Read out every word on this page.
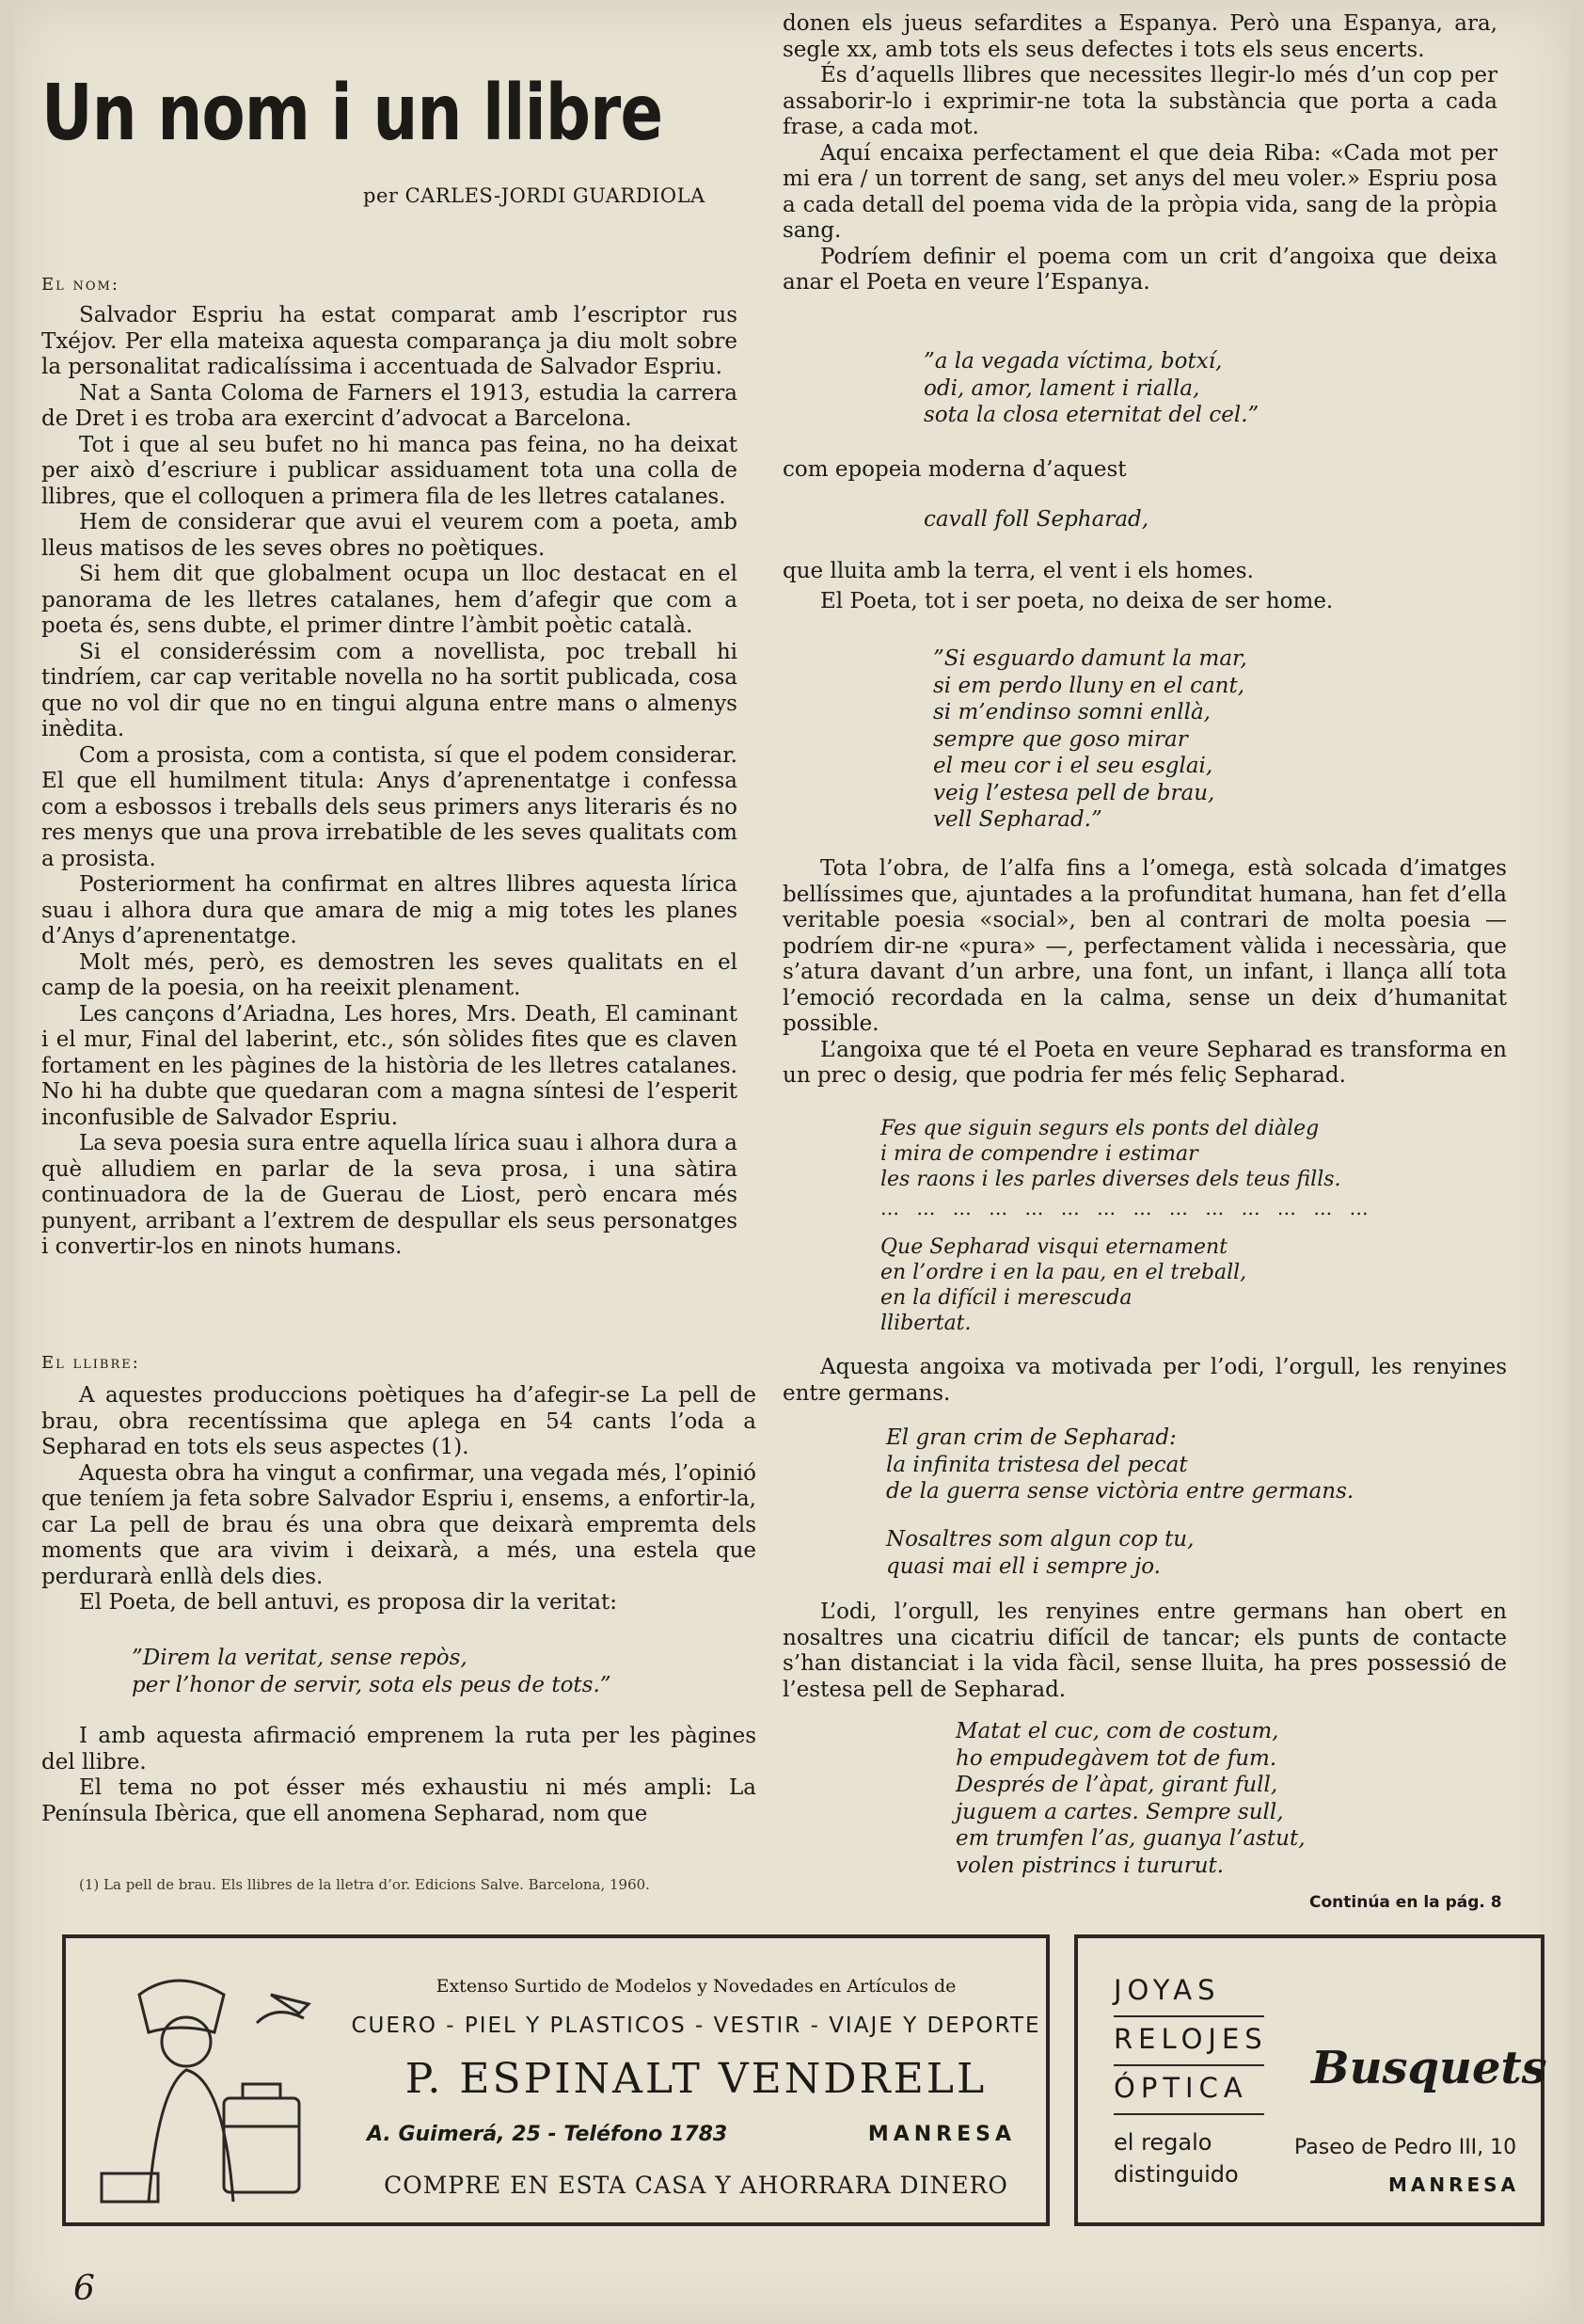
Un nom i un llibre
per CARLES-JORDI GUARDIOLA
El nom:

Salvador Espriu ha estat comparat amb l’escriptor rus Txéjov. Per ella mateixa aquesta comparança ja diu molt sobre la personalitat radicalíssima i accentuada de Salvador Espriu.

Nat a Santa Coloma de Farners el 1913, estudia la carrera de Dret i es troba ara exercint d’advocat a Barcelona.

Tot i que al seu bufet no hi manca pas feina, no ha deixat per això d’escriure i publicar assiduament tota una colla de llibres, que el colloquen a primera fila de les lletres catalanes.

Hem de considerar que avui el veurem com a poeta, amb lleus matisos de les seves obres no poètiques.

Si hem dit que globalment ocupa un lloc destacat en el panorama de les lletres catalanes, hem d’afegir que com a poeta és, sens dubte, el primer dintre l’àmbit poètic català.

Si el consideréssim com a novellista, poc treball hi tindríem, car cap veritable novella no ha sortit publicada, cosa que no vol dir que no en tingui alguna entre mans o almenys inèdita.

Com a prosista, com a contista, sí que el podem considerar. El que ell humilment titula: Anys d’aprenentatge i confessa com a esbossos i treballs dels seus primers anys literaris és no res menys que una prova irrebatible de les seves qualitats com a prosista.

Posteriorment ha confirmat en altres llibres aquesta lírica suau i alhora dura que amara de mig a mig totes les planes d’Anys d’aprenentatge.

Molt més, però, es demostren les seves qualitats en el camp de la poesia, on ha reeixit plenament.

Les cançons d’Ariadna, Les hores, Mrs. Death, El caminant i el mur, Final del laberint, etc., són sòlides fites que es claven fortament en les pàgines de la història de les lletres catalanes. No hi ha dubte que quedaran com a magna síntesi de l’esperit inconfusible de Salvador Espriu.

La seva poesia sura entre aquella lírica suau i alhora dura a què alludiem en parlar de la seva prosa, i una sàtira continuadora de la de Guerau de Liost, però encara més punyent, arribant a l’extrem de despullar els seus personatges i convertir-los en ninots humans.

El llibre:

A aquestes produccions poètiques ha d’afegir-se La pell de brau, obra recentíssima que aplega en 54 cants l’oda a Sepharad en tots els seus aspectes (1).

Aquesta obra ha vingut a confirmar, una vegada més, l’opinió que teníem ja feta sobre Salvador Espriu i, ensems, a enfortir-la, car La pell de brau és una obra que deixarà empremta dels moments que ara vivim i deixarà, a més, una estela que perdurarà enllà dels dies.

El Poeta, de bell antuvi, es proposa dir la veritat:

”Direm la veritat, sense repòs,
per l’honor de servir, sota els peus de tots.”

I amb aquesta afirmació emprenem la ruta per les pàgines del llibre.

El tema no pot ésser més exhaustiu ni més ampli: La Península Ibèrica, que ell anomena Sepharad, nom que

(1) La pell de brau. Els llibres de la lletra d’or. Edicions Salve. Barcelona, 1960.

donen els jueus sefardites a Espanya. Però una Espanya, ara, segle xx, amb tots els seus defectes i tots els seus encerts.

És d’aquells llibres que necessites llegir-lo més d’un cop per assaborir-lo i exprimir-ne tota la substància que porta a cada frase, a cada mot.

Aquí encaixa perfectament el que deia Riba: «Cada mot per mi era / un torrent de sang, set anys del meu voler.» Espriu posa a cada detall del poema vida de la pròpia vida, sang de la pròpia sang.

Podríem definir el poema com un crit d’angoixa que deixa anar el Poeta en veure l’Espanya.

”a la vegada víctima, botxí,
odi, amor, lament i rialla,
sota la closa eternitat del cel.”
com epopeia moderna d’aquest
cavall foll Sepharad,
que lluita amb la terra, el vent i els homes.
El Poeta, tot i ser poeta, no deixa de ser home.
”Si esguardo damunt la mar,
si em perdo lluny en el cant,
si m’endinso somni enllà,
sempre que goso mirar
el meu cor i el seu esglai,
veig l’estesa pell de brau,
vell Sepharad.”

Tota l’obra, de l’alfa fins a l’omega, està solcada d’imatges bellíssimes que, ajuntades a la profunditat humana, han fet d’ella veritable poesia «social», ben al contrari de molta poesia — podríem dir-ne «pura» —, perfectament vàlida i necessària, que s’atura davant d’un arbre, una font, un infant, i llança allí tota l’emoció recordada en la calma, sense un deix d’humanitat possible.

L’angoixa que té el Poeta en veure Sepharad es transforma en un prec o desig, que podria fer més feliç Sepharad.

Fes que siguin segurs els ponts del diàleg
i mira de compendre i estimar
les raons i les parles diverses dels teus fills.
… … … … … … … … … … … … … …
Que Sepharad visqui eternament
en l’ordre i en la pau, en el treball,
en la difícil i merescuda
llibertat.

Aquesta angoixa va motivada per l’odi, l’orgull, les renyines entre germans.

El gran crim de Sepharad:
la infinita tristesa del pecat
de la guerra sense victòria entre germans.
Nosaltres som algun cop tu,
quasi mai ell i sempre jo.

L’odi, l’orgull, les renyines entre germans han obert en nosaltres una cicatriu difícil de tancar; els punts de contacte s’han distanciat i la vida fàcil, sense lluita, ha pres possessió de l’estesa pell de Sepharad.

Matat el cuc, com de costum,
ho empudegàvem tot de fum.
Després de l’àpat, girant full,
juguem a cartes. Sempre sull,
em trumfen l’as, guanya l’astut,
volen pistrincs i tururut.
Continúa en la pág. 8
Extenso Surtido de Modelos y Novedades en Artículos de
CUERO - PIEL Y PLASTICOS - VESTIR - VIAJE Y DEPORTE
P. ESPINALT VENDRELL
A. Guimerá, 25 - Teléfono 1783	MANRESA
COMPRE EN ESTA CASA Y AHORRARA DINERO
JOYAS
RELOJES
ÓPTICA Busquets
el regalo
distinguido
Paseo de Pedro III, 10
MANRESA
6
